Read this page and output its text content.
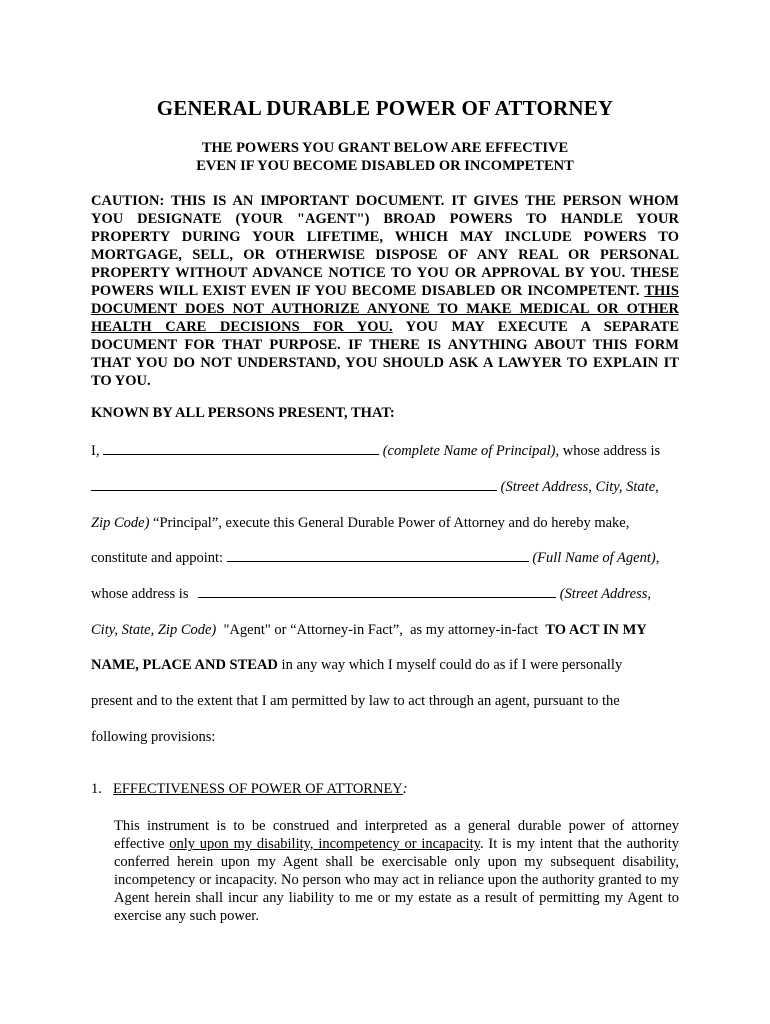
GENERAL DURABLE POWER OF ATTORNEY
THE POWERS YOU GRANT BELOW ARE EFFECTIVE
EVEN IF YOU BECOME DISABLED OR INCOMPETENT
CAUTION: THIS IS AN IMPORTANT DOCUMENT. IT GIVES THE PERSON WHOM YOU DESIGNATE (YOUR "AGENT") BROAD POWERS TO HANDLE YOUR PROPERTY DURING YOUR LIFETIME, WHICH MAY INCLUDE POWERS TO MORTGAGE, SELL, OR OTHERWISE DISPOSE OF ANY REAL OR PERSONAL PROPERTY WITHOUT ADVANCE NOTICE TO YOU OR APPROVAL BY YOU. THESE POWERS WILL EXIST EVEN IF YOU BECOME DISABLED OR INCOMPETENT. THIS DOCUMENT DOES NOT AUTHORIZE ANYONE TO MAKE MEDICAL OR OTHER HEALTH CARE DECISIONS FOR YOU. YOU MAY EXECUTE A SEPARATE DOCUMENT FOR THAT PURPOSE. IF THERE IS ANYTHING ABOUT THIS FORM THAT YOU DO NOT UNDERSTAND, YOU SHOULD ASK A LAWYER TO EXPLAIN IT TO YOU.
KNOWN BY ALL PERSONS PRESENT, THAT:
I,	(complete Name of Principal), whose address is
(Street Address, City, State,
Zip Code) “Principal”, execute this General Durable Power of Attorney and do hereby make,
constitute and appoint:	(Full Name of Agent),
whose address is	(Street Address,
City, State, Zip Code)  "Agent" or “Attorney-in Fact”,  as my attorney-in-fact  TO ACT IN MY
NAME, PLACE AND STEAD in any way which I myself could do as if I were personally
present and to the extent that I am permitted by law to act through an agent, pursuant to the
following provisions:
1. EFFECTIVENESS OF POWER OF ATTORNEY:
This instrument is to be construed and interpreted as a general durable power of attorney effective only upon my disability, incompetency or incapacity. It is my intent that the authority conferred herein upon my Agent shall be exercisable only upon my subsequent disability, incompetency or incapacity. No person who may act in reliance upon the authority granted to my Agent herein shall incur any liability to me or my estate as a result of permitting my Agent to exercise any such power.
